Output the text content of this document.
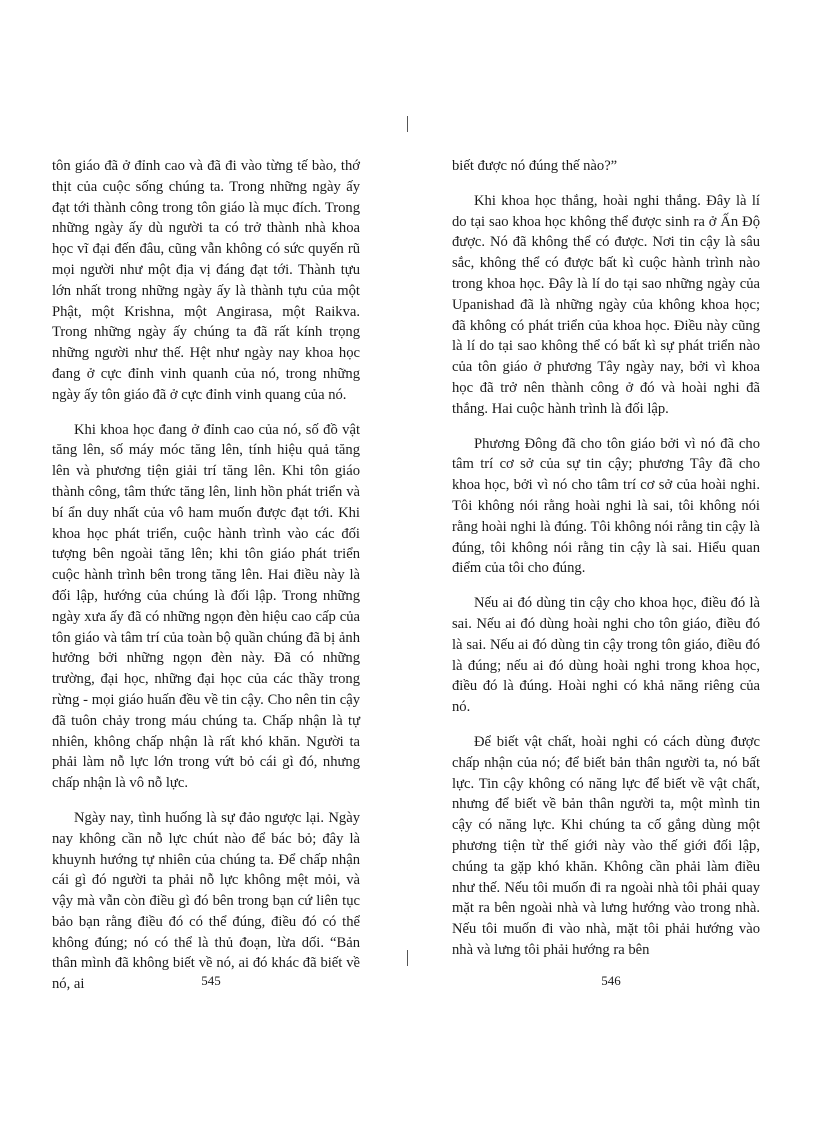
tôn giáo đã ở đỉnh cao và đã đi vào từng tế bào, thớ thịt của cuộc sống chúng ta. Trong những ngày ấy đạt tới thành công trong tôn giáo là mục đích. Trong những ngày ấy dù người ta có trở thành nhà khoa học vĩ đại đến đâu, cũng vẫn không có sức quyến rũ mọi người như một địa vị đáng đạt tới. Thành tựu lớn nhất trong những ngày ấy là thành tựu của một Phật, một Krishna, một Angirasa, một Raikva. Trong những ngày ấy chúng ta đã rất kính trọng những người như thế. Hệt như ngày nay khoa học đang ở cực đỉnh vinh quanh của nó, trong những ngày ấy tôn giáo đã ở cực đỉnh vinh quang của nó.

Khi khoa học đang ở đỉnh cao của nó, số đồ vật tăng lên, số máy móc tăng lên, tính hiệu quả tăng lên và phương tiện giải trí tăng lên. Khi tôn giáo thành công, tâm thức tăng lên, linh hồn phát triển và bí ẩn duy nhất của vô ham muốn được đạt tới. Khi khoa học phát triển, cuộc hành trình vào các đối tượng bên ngoài tăng lên; khi tôn giáo phát triển cuộc hành trình bên trong tăng lên. Hai điều này là đối lập, hướng của chúng là đối lập. Trong những ngày xưa ấy đã có những ngọn đèn hiệu cao cấp của tôn giáo và tâm trí của toàn bộ quần chúng đã bị ảnh hưởng bởi những ngọn đèn này. Đã có những trường, đại học, những đại học của các thầy trong rừng - mọi giáo huấn đều về tin cậy. Cho nên tin cậy đã tuôn chảy trong máu chúng ta. Chấp nhận là tự nhiên, không chấp nhận là rất khó khăn. Người ta phải làm nỗ lực lớn trong vứt bỏ cái gì đó, nhưng chấp nhận là vô nỗ lực.

Ngày nay, tình huống là sự đảo ngược lại. Ngày nay không cần nỗ lực chút nào để bác bỏ; đây là khuynh hướng tự nhiên của chúng ta. Để chấp nhận cái gì đó người ta phải nỗ lực không mệt mỏi, và vậy mà vẫn còn điều gì đó bên trong bạn cứ liên tục bảo bạn rằng điều đó có thể đúng, điều đó có thể không đúng; nó có thể là thủ đoạn, lừa dối. “Bản thân mình đã không biết về nó, ai đó khác đã biết về nó, ai

biết được nó đúng thế nào?”

Khi khoa học thắng, hoài nghi thắng. Đây là lí do tại sao khoa học không thể được sinh ra ở Ấn Độ được. Nó đã không thể có được. Nơi tin cậy là sâu sắc, không thể có được bất kì cuộc hành trình nào trong khoa học. Đây là lí do tại sao những ngày của Upanishad đã là những ngày của không khoa học; đã không có phát triển của khoa học. Điều này cũng là lí do tại sao không thể có bất kì sự phát triển nào của tôn giáo ở phương Tây ngày nay, bởi vì khoa học đã trở nên thành công ở đó và hoài nghi đã thắng. Hai cuộc hành trình là đối lập.

Phương Đông đã cho tôn giáo bởi vì nó đã cho tâm trí cơ sở của sự tin cậy; phương Tây đã cho khoa học, bởi vì nó cho tâm trí cơ sở của hoài nghi. Tôi không nói rằng hoài nghi là sai, tôi không nói rằng hoài nghi là đúng. Tôi không nói rằng tin cậy là đúng, tôi không nói rằng tin cậy là sai. Hiểu quan điểm của tôi cho đúng.

Nếu ai đó dùng tin cậy cho khoa học, điều đó là sai. Nếu ai đó dùng hoài nghi cho tôn giáo, điều đó là sai. Nếu ai đó dùng tin cậy trong tôn giáo, điều đó là đúng; nếu ai đó dùng hoài nghi trong khoa học, điều đó là đúng. Hoài nghi có khả năng riêng của nó.

Để biết vật chất, hoài nghi có cách dùng được chấp nhận của nó; để biết bản thân người ta, nó bất lực. Tin cậy không có năng lực để biết về vật chất, nhưng để biết về bản thân người ta, một mình tin cậy có năng lực. Khi chúng ta cố gắng dùng một phương tiện từ thế giới này vào thế giới đối lập, chúng ta gặp khó khăn. Không cần phải làm điều như thế. Nếu tôi muốn đi ra ngoài nhà tôi phải quay mặt ra bên ngoài nhà và lưng hướng vào trong nhà. Nếu tôi muốn đi vào nhà, mặt tôi phải hướng vào nhà và lưng tôi phải hướng ra bên

545	546
